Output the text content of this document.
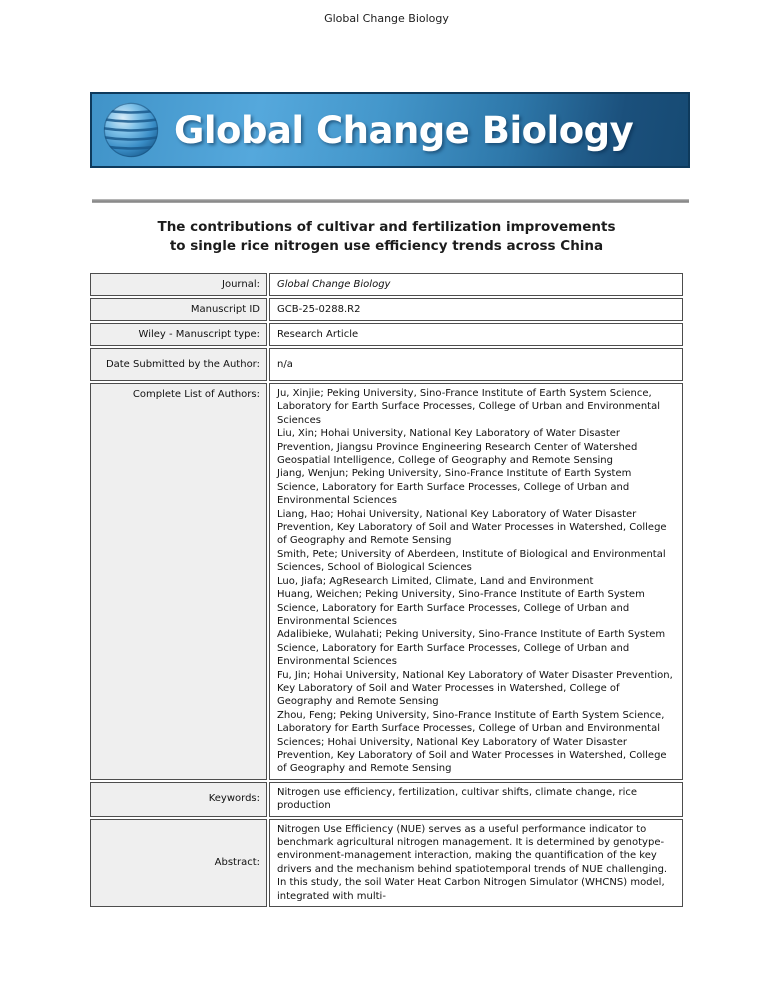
Global Change Biology
Global Change Biology
The contributions of cultivar and fertilization improvements
to single rice nitrogen use efficiency trends across China
Journal:	Global Change Biology
Manuscript ID	GCB-25-0288.R2
Wiley - Manuscript type:	Research Article
Date Submitted by the Author:	n/a
Complete List of Authors:	Ju, Xinjie; Peking University, Sino-France Institute of Earth System Science, Laboratory for Earth Surface Processes, College of Urban and Environmental Sciences
Liu, Xin; Hohai University, National Key Laboratory of Water Disaster Prevention, Jiangsu Province Engineering Research Center of Watershed Geospatial Intelligence, College of Geography and Remote Sensing
Jiang, Wenjun; Peking University, Sino-France Institute of Earth System Science, Laboratory for Earth Surface Processes, College of Urban and Environmental Sciences
Liang, Hao; Hohai University, National Key Laboratory of Water Disaster Prevention, Key Laboratory of Soil and Water Processes in Watershed, College of Geography and Remote Sensing
Smith, Pete; University of Aberdeen, Institute of Biological and Environmental Sciences, School of Biological Sciences
Luo, Jiafa; AgResearch Limited, Climate, Land and Environment
Huang, Weichen; Peking University, Sino-France Institute of Earth System Science, Laboratory for Earth Surface Processes, College of Urban and Environmental Sciences
Adalibieke, Wulahati; Peking University, Sino-France Institute of Earth System Science, Laboratory for Earth Surface Processes, College of Urban and Environmental Sciences
Fu, Jin; Hohai University, National Key Laboratory of Water Disaster Prevention, Key Laboratory of Soil and Water Processes in Watershed, College of Geography and Remote Sensing
Zhou, Feng; Peking University, Sino-France Institute of Earth System Science, Laboratory for Earth Surface Processes, College of Urban and Environmental Sciences; Hohai University, National Key Laboratory of Water Disaster Prevention, Key Laboratory of Soil and Water Processes in Watershed, College of Geography and Remote Sensing
Keywords:
Nitrogen use efficiency, fertilization, cultivar shifts, climate change, rice production
Abstract:
Nitrogen Use Efficiency (NUE) serves as a useful performance indicator to benchmark agricultural nitrogen management. It is determined by genotype-environment-management interaction, making the quantification of the key drivers and the mechanism behind spatiotemporal trends of NUE challenging. In this study, the soil Water Heat Carbon Nitrogen Simulator (WHCNS) model, integrated with multi-
